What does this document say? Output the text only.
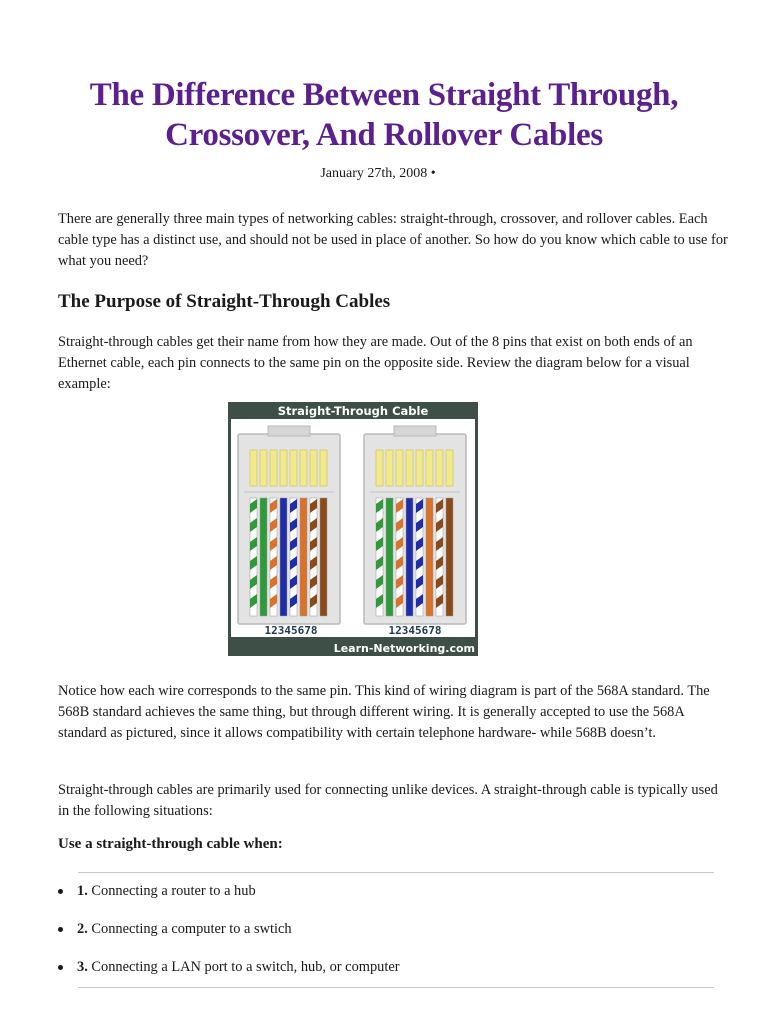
The Difference Between Straight Through,
Crossover, And Rollover Cables
January 27th, 2008 •

There are generally three main types of networking cables: straight-through, crossover, and rollover cables. Each cable type has a distinct use, and should not be used in place of another. So how do you know which cable to use for what you need?

The Purpose of Straight-Through Cables

Straight-through cables get their name from how they are made. Out of the 8 pins that exist on both ends of an Ethernet cable, each pin connects to the same pin on the opposite side. Review the diagram below for a visual example:

Straight-Through Cable
12345678	12345678
Learn-Networking.com

Notice how each wire corresponds to the same pin. This kind of wiring diagram is part of the 568A standard. The 568B standard achieves the same thing, but through different wiring. It is generally accepted to use the 568A standard as pictured, since it allows compatibility with certain telephone hardware- while 568B doesn’t.

Straight-through cables are primarily used for connecting unlike devices. A straight-through cable is typically used in the following situations:

Use a straight-through cable when:
1. Connecting a router to a hub
2. Connecting a computer to a swtich
3. Connecting a LAN port to a switch, hub, or computer
